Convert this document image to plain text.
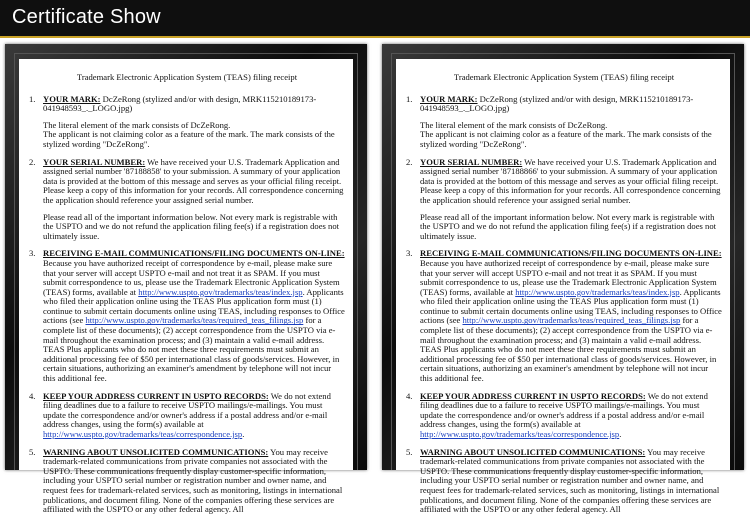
Certificate Show
Trademark Electronic Application System (TEAS) filing receipt
1. YOUR MARK: DcZeRong (stylized and/or with design, MRK115210189173-041948593_._LOGO.jpg)

The literal element of the mark consists of DcZeRong.

The applicant is not claiming color as a feature of the mark. The mark consists of the stylized wording "DcZeRong".

2. YOUR SERIAL NUMBER: We have received your U.S. Trademark Application and assigned serial number '87188858' to your submission. A summary of your application data is provided at the bottom of this message and serves as your official filing receipt. Please keep a copy of this information for your records. All correspondence concerning the application should reference your assigned serial number.
Please read all of the important information below. Not every mark is registrable with the USPTO and we do not refund the application filing fee(s) if a registration does not ultimately issue.
3. RECEIVING E-MAIL COMMUNICATIONS/FILING DOCUMENTS ON-LINE: Because you have authorized receipt of correspondence by e-mail, please make sure that your server will accept USPTO e-mail and not treat it as SPAM. If you must submit correspondence to us, please use the Trademark Electronic Application System (TEAS) forms, available at http://www.uspto.gov/trademarks/teas/index.jsp. Applicants who filed their application online using the TEAS Plus application form must (1) continue to submit certain documents online using TEAS, including responses to Office actions (see http://www.uspto.gov/trademarks/teas/required_teas_filings.jsp for a complete list of these documents); (2) accept correspondence from the USPTO via e-mail throughout the examination process; and (3) maintain a valid e-mail address. TEAS Plus applicants who do not meet these three requirements must submit an additional processing fee of $50 per international class of goods/services. However, in certain situations, authorizing an examiner's amendment by telephone will not incur this additional fee.
4. KEEP YOUR ADDRESS CURRENT IN USPTO RECORDS: We do not extend filing deadlines due to a failure to receive USPTO mailings/e-mailings. You must update the correspondence and/or owner's address if a postal address and/or e-mail address changes, using the form(s) available at http://www.uspto.gov/trademarks/teas/correspondence.jsp.
5. WARNING ABOUT UNSOLICITED COMMUNICATIONS: You may receive trademark-related communications from private companies not associated with the USPTO. These communications frequently display customer-specific information, including your USPTO serial number or registration number and owner name, and request fees for trademark-related services, such as monitoring, listings in international publications, and document filing. None of the companies offering these services are affiliated with the USPTO or any other federal agency. All
Trademark Electronic Application System (TEAS) filing receipt
1. YOUR MARK: DcZeRong (stylized and/or with design, MRK115210189173-041948593_._LOGO.jpg)

The literal element of the mark consists of DcZeRong.

The applicant is not claiming color as a feature of the mark. The mark consists of the stylized wording "DcZeRong".

2. YOUR SERIAL NUMBER: We have received your U.S. Trademark Application and assigned serial number '87188866' to your submission. A summary of your application data is provided at the bottom of this message and serves as your official filing receipt. Please keep a copy of this information for your records. All correspondence concerning the application should reference your assigned serial number.
Please read all of the important information below. Not every mark is registrable with the USPTO and we do not refund the application filing fee(s) if a registration does not ultimately issue.
3. RECEIVING E-MAIL COMMUNICATIONS/FILING DOCUMENTS ON-LINE: Because you have authorized receipt of correspondence by e-mail, please make sure that your server will accept USPTO e-mail and not treat it as SPAM. If you must submit correspondence to us, please use the Trademark Electronic Application System (TEAS) forms, available at http://www.uspto.gov/trademarks/teas/index.jsp. Applicants who filed their application online using the TEAS Plus application form must (1) continue to submit certain documents online using TEAS, including responses to Office actions (see http://www.uspto.gov/trademarks/teas/required_teas_filings.jsp for a complete list of these documents); (2) accept correspondence from the USPTO via e-mail throughout the examination process; and (3) maintain a valid e-mail address. TEAS Plus applicants who do not meet these three requirements must submit an additional processing fee of $50 per international class of goods/services. However, in certain situations, authorizing an examiner's amendment by telephone will not incur this additional fee.
4. KEEP YOUR ADDRESS CURRENT IN USPTO RECORDS: We do not extend filing deadlines due to a failure to receive USPTO mailings/e-mailings. You must update the correspondence and/or owner's address if a postal address and/or e-mail address changes, using the form(s) available at http://www.uspto.gov/trademarks/teas/correspondence.jsp.
5. WARNING ABOUT UNSOLICITED COMMUNICATIONS: You may receive trademark-related communications from private companies not associated with the USPTO. These communications frequently display customer-specific information, including your USPTO serial number or registration number and owner name, and request fees for trademark-related services, such as monitoring, listings in international publications, and document filing. None of the companies offering these services are affiliated with the USPTO or any other federal agency. All
